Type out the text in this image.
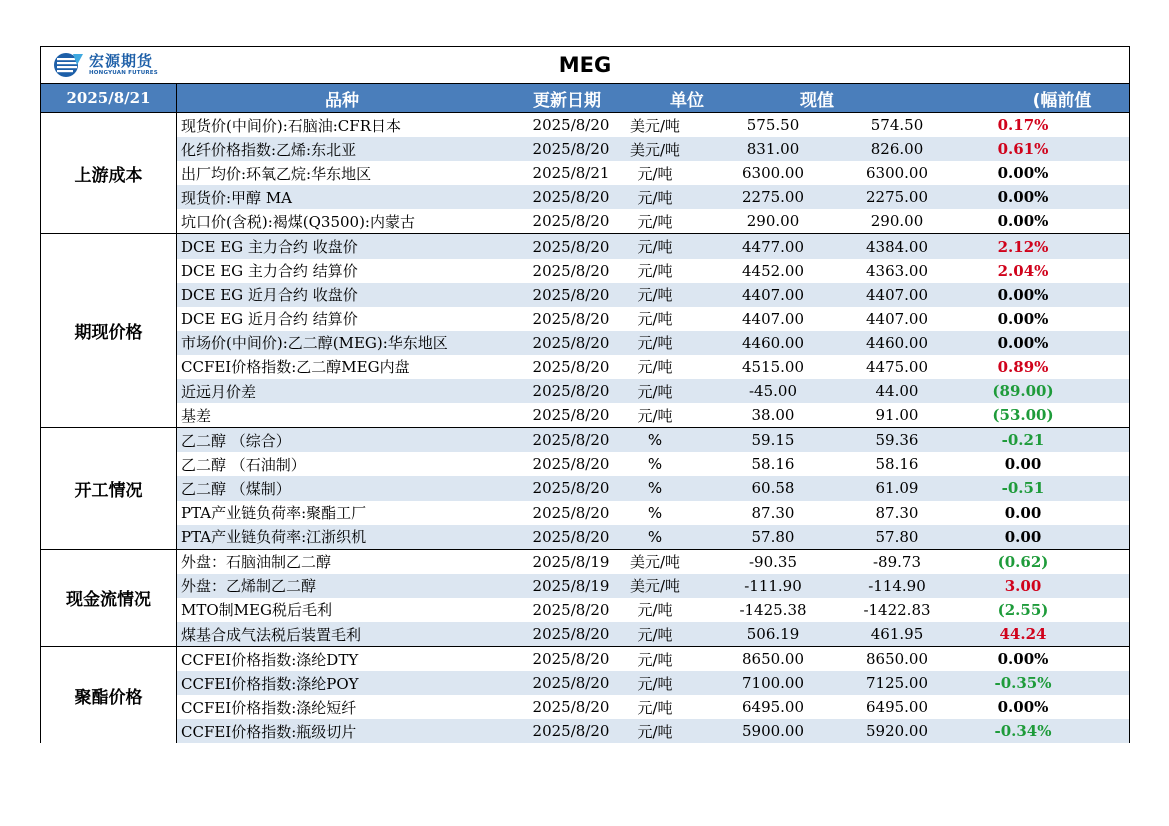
宏源期货
HONGYUAN FUTURES	MEG
2025/8/21	品种	更新日期	单位	现值	(幅前值
上游成本
现货价(中间价):石脑油:CFR日本	2025/8/20	美元/吨	575.50	574.50	0.17%
化纤价格指数:乙烯:东北亚	2025/8/20	美元/吨	831.00	826.00	0.61%
出厂均价:环氧乙烷:华东地区	2025/8/21	元/吨	6300.00	6300.00	0.00%
现货价:甲醇 MA	2025/8/20	元/吨	2275.00	2275.00	0.00%
坑口价(含税):褐煤(Q3500):内蒙古	2025/8/20	元/吨	290.00	290.00	0.00%
期现价格
DCE EG 主力合约 收盘价	2025/8/20	元/吨	4477.00	4384.00	2.12%
DCE EG 主力合约 结算价	2025/8/20	元/吨	4452.00	4363.00	2.04%
DCE EG 近月合约 收盘价	2025/8/20	元/吨	4407.00	4407.00	0.00%
DCE EG 近月合约 结算价	2025/8/20	元/吨	4407.00	4407.00	0.00%
市场价(中间价):乙二醇(MEG):华东地区	2025/8/20	元/吨	4460.00	4460.00	0.00%
CCFEI价格指数:乙二醇MEG内盘	2025/8/20	元/吨	4515.00	4475.00	0.89%
近远月价差	2025/8/20	元/吨	-45.00	44.00	(89.00)
基差	2025/8/20	元/吨	38.00	91.00	(53.00)
开工情况
乙二醇 （综合）	2025/8/20	%	59.15	59.36	-0.21
乙二醇 （石油制）	2025/8/20	%	58.16	58.16	0.00
乙二醇 （煤制）	2025/8/20	%	60.58	61.09	-0.51
PTA产业链负荷率:聚酯工厂	2025/8/20	%	87.30	87.30	0.00
PTA产业链负荷率:江浙织机	2025/8/20	%	57.80	57.80	0.00
现金流情况
外盘：石脑油制乙二醇	2025/8/19	美元/吨	-90.35	-89.73	(0.62)
外盘：乙烯制乙二醇	2025/8/19	美元/吨	-111.90	-114.90	3.00
MTO制MEG税后毛利	2025/8/20	元/吨	-1425.38	-1422.83	(2.55)
煤基合成气法税后装置毛利	2025/8/20	元/吨	506.19	461.95	44.24
聚酯价格
CCFEI价格指数:涤纶DTY	2025/8/20	元/吨	8650.00	8650.00	0.00%
CCFEI价格指数:涤纶POY	2025/8/20	元/吨	7100.00	7125.00	-0.35%
CCFEI价格指数:涤纶短纤	2025/8/20	元/吨	6495.00	6495.00	0.00%
CCFEI价格指数:瓶级切片	2025/8/20	元/吨	5900.00	5920.00	-0.34%
